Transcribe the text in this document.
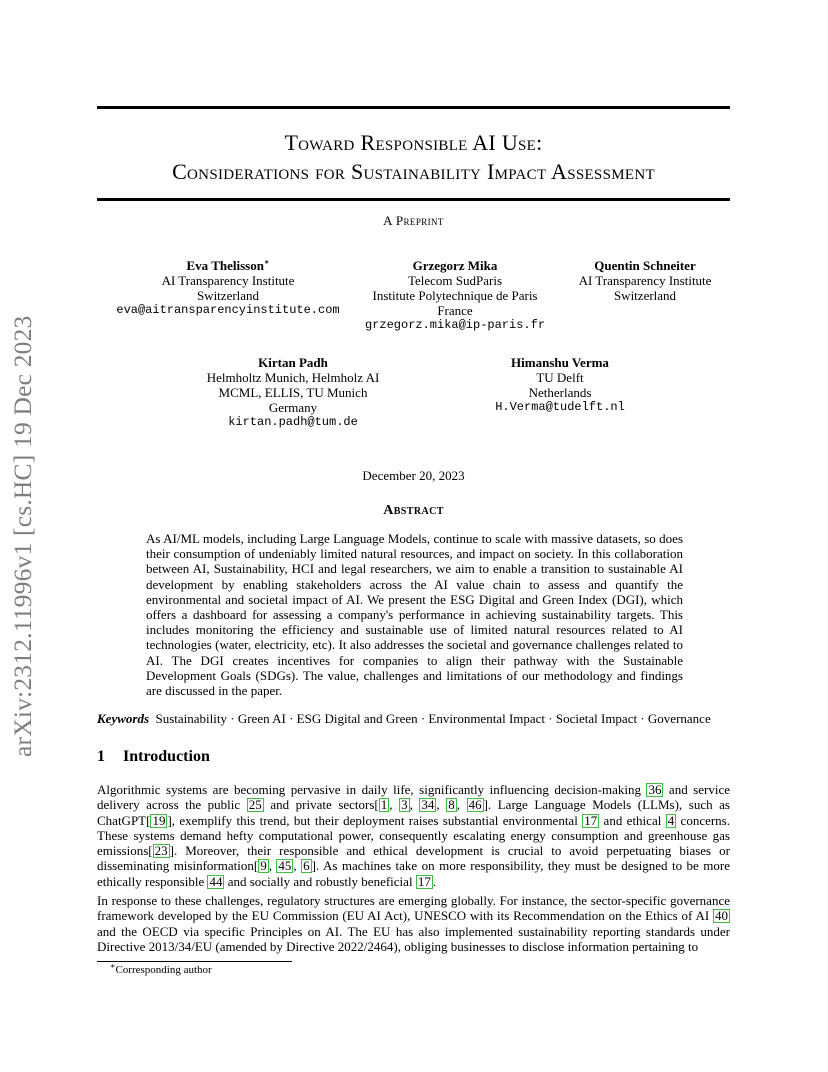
arXiv:2312.11996v1 [cs.HC] 19 Dec 2023
Toward Responsible AI Use:
Considerations for Sustainability Impact Assessment
A Preprint
Eva Thelisson∗
AI Transparency Institute
Switzerland
eva@aitransparencyinstitute.com
Grzegorz Mika
Telecom SudParis
Institute Polytechnique de Paris
France
grzegorz.mika@ip-paris.fr
Quentin Schneiter
AI Transparency Institute
Switzerland
Kirtan Padh
Helmholtz Munich, Helmholz AI
MCML, ELLIS, TU Munich
Germany
kirtan.padh@tum.de
Himanshu Verma
TU Delft
Netherlands
H.Verma@tudelft.nl
December 20, 2023
Abstract
As AI/ML models, including Large Language Models, continue to scale with massive datasets, so does their consumption of undeniably limited natural resources, and impact on society. In this collaboration between AI, Sustainability, HCI and legal researchers, we aim to enable a transition to sustainable AI development by enabling stakeholders across the AI value chain to assess and quantify the environmental and societal impact of AI. We present the ESG Digital and Green Index (DGI), which offers a dashboard for assessing a company's performance in achieving sustainability targets. This includes monitoring the efficiency and sustainable use of limited natural resources related to AI technologies (water, electricity, etc). It also addresses the societal and governance challenges related to AI. The DGI creates incentives for companies to align their pathway with the Sustainable Development Goals (SDGs). The value, challenges and limitations of our methodology and findings are discussed in the paper.
Keywords Sustainability · Green AI · ESG Digital and Green · Environmental Impact · Societal Impact · Governance
1 Introduction
Algorithmic systems are becoming pervasive in daily life, significantly influencing decision-making 36 and service delivery across the public 25 and private sectors[ 1 , 3 , 34 , 8 , 46 ]. Large Language Models (LLMs), such as ChatGPT[ 19 ], exemplify this trend, but their deployment raises substantial environmental 17 and ethical 4 concerns. These systems demand hefty computational power, consequently escalating energy consumption and greenhouse gas emissions[ 23 ]. Moreover, their responsible and ethical development is crucial to avoid perpetuating biases or disseminating misinformation[ 9 , 45 , 6 ]. As machines take on more responsibility, they must be designed to be more ethically responsible 44 and socially and robustly beneficial 17 .
In response to these challenges, regulatory structures are emerging globally. For instance, the sector-specific governance framework developed by the EU Commission (EU AI Act), UNESCO with its Recommendation on the Ethics of AI 40 and the OECD via specific Principles on AI. The EU has also implemented sustainability reporting standards under Directive 2013/34/EU (amended by Directive 2022/2464), obliging businesses to disclose information pertaining to
∗Corresponding author
